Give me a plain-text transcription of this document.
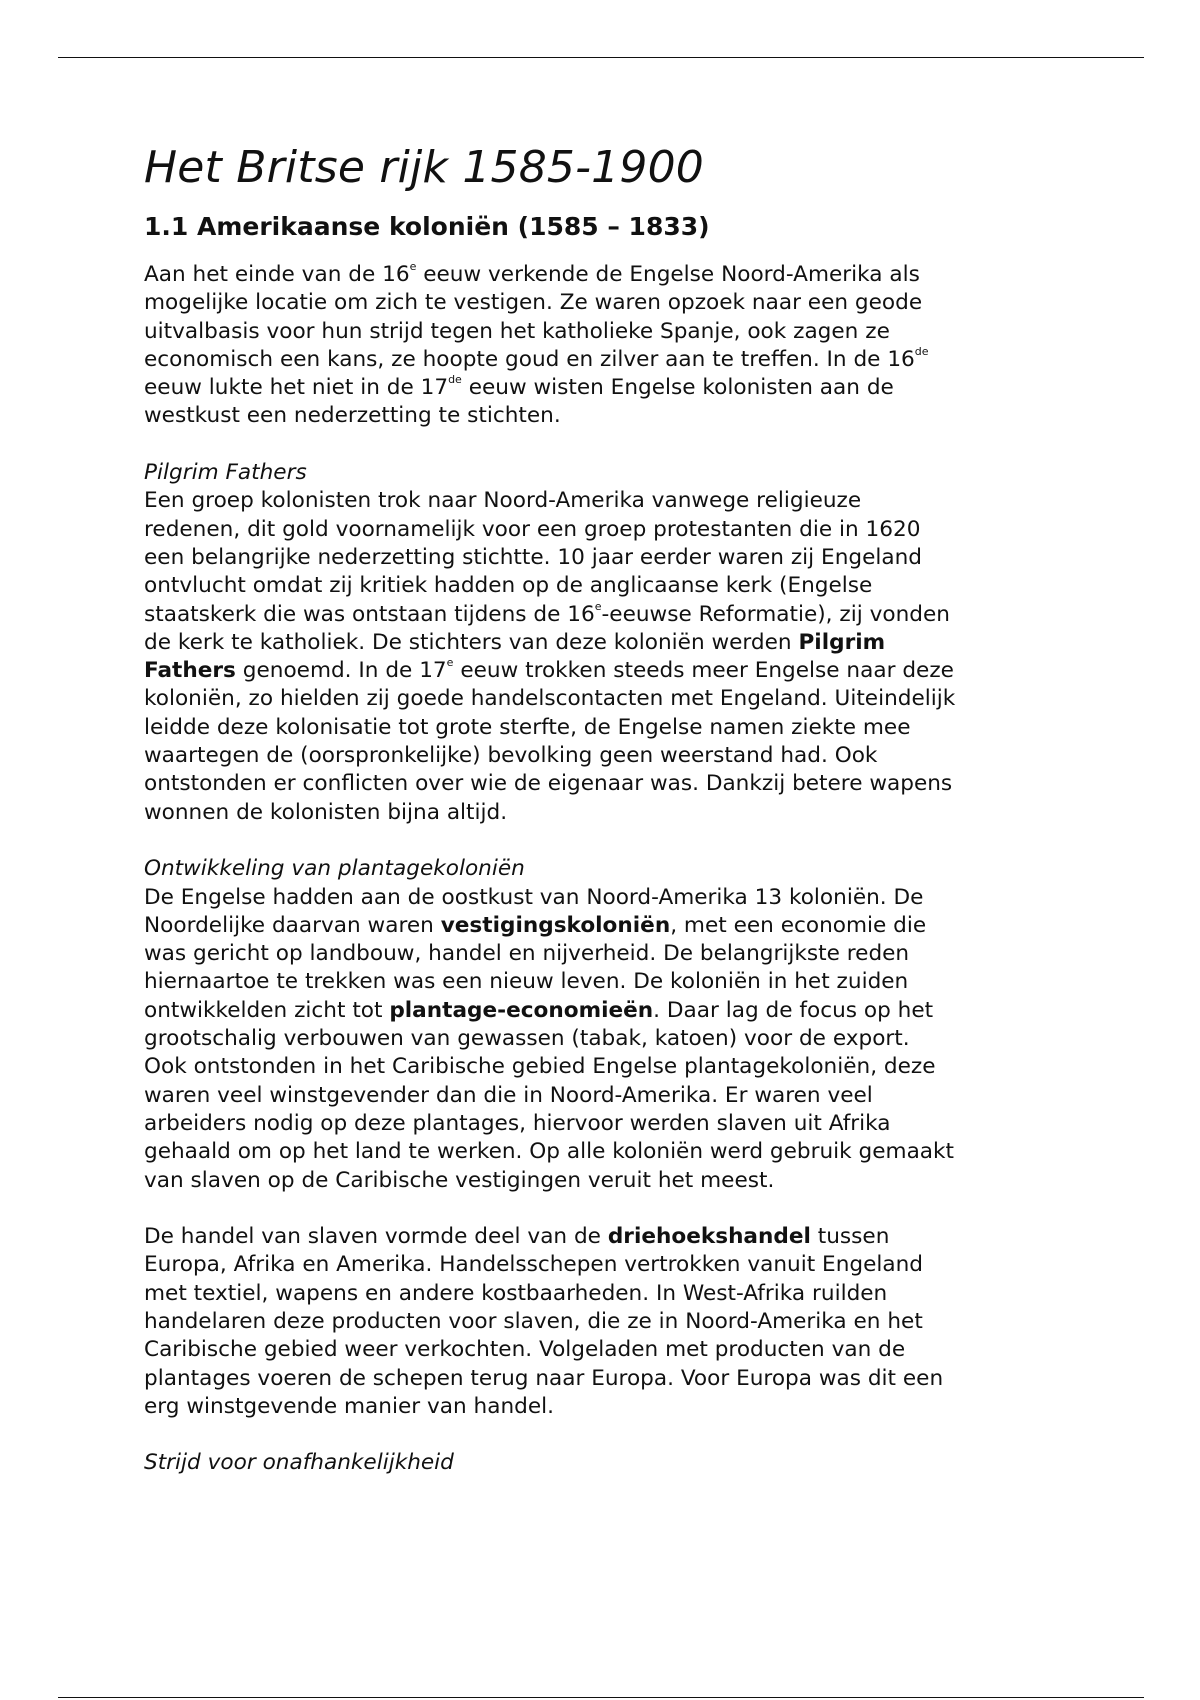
Het Britse rijk 1585-1900
1.1 Amerikaanse koloniën (1585 – 1833)

Aan het einde van de 16e eeuw verkende de Engelse Noord-Amerika als
mogelijke locatie om zich te vestigen. Ze waren opzoek naar een geode
uitvalbasis voor hun strijd tegen het katholieke Spanje, ook zagen ze
economisch een kans, ze hoopte goud en zilver aan te treffen. In de 16de
eeuw lukte het niet in de 17de eeuw wisten Engelse kolonisten aan de
westkust een nederzetting te stichten.

Pilgrim Fathers

Een groep kolonisten trok naar Noord-Amerika vanwege religieuze
redenen, dit gold voornamelijk voor een groep protestanten die in 1620
een belangrijke nederzetting stichtte. 10 jaar eerder waren zij Engeland
ontvlucht omdat zij kritiek hadden op de anglicaanse kerk (Engelse
staatskerk die was ontstaan tijdens de 16e-eeuwse Reformatie), zij vonden
de kerk te katholiek. De stichters van deze koloniën werden Pilgrim
Fathers genoemd. In de 17e eeuw trokken steeds meer Engelse naar deze
koloniën, zo hielden zij goede handelscontacten met Engeland. Uiteindelijk
leidde deze kolonisatie tot grote sterfte, de Engelse namen ziekte mee
waartegen de (oorspronkelijke) bevolking geen weerstand had. Ook
ontstonden er conflicten over wie de eigenaar was. Dankzij betere wapens
wonnen de kolonisten bijna altijd.

Ontwikkeling van plantagekoloniën

De Engelse hadden aan de oostkust van Noord-Amerika 13 koloniën. De
Noordelijke daarvan waren vestigingskoloniën, met een economie die
was gericht op landbouw, handel en nijverheid. De belangrijkste reden
hiernaartoe te trekken was een nieuw leven. De koloniën in het zuiden
ontwikkelden zicht tot plantage-economieën. Daar lag de focus op het
grootschalig verbouwen van gewassen (tabak, katoen) voor de export.
Ook ontstonden in het Caribische gebied Engelse plantagekoloniën, deze
waren veel winstgevender dan die in Noord-Amerika. Er waren veel
arbeiders nodig op deze plantages, hiervoor werden slaven uit Afrika
gehaald om op het land te werken. Op alle koloniën werd gebruik gemaakt
van slaven op de Caribische vestigingen veruit het meest.

De handel van slaven vormde deel van de driehoekshandel tussen
Europa, Afrika en Amerika. Handelsschepen vertrokken vanuit Engeland
met textiel, wapens en andere kostbaarheden. In West-Afrika ruilden
handelaren deze producten voor slaven, die ze in Noord-Amerika en het
Caribische gebied weer verkochten. Volgeladen met producten van de
plantages voeren de schepen terug naar Europa. Voor Europa was dit een
erg winstgevende manier van handel.

Strijd voor onafhankelijkheid
